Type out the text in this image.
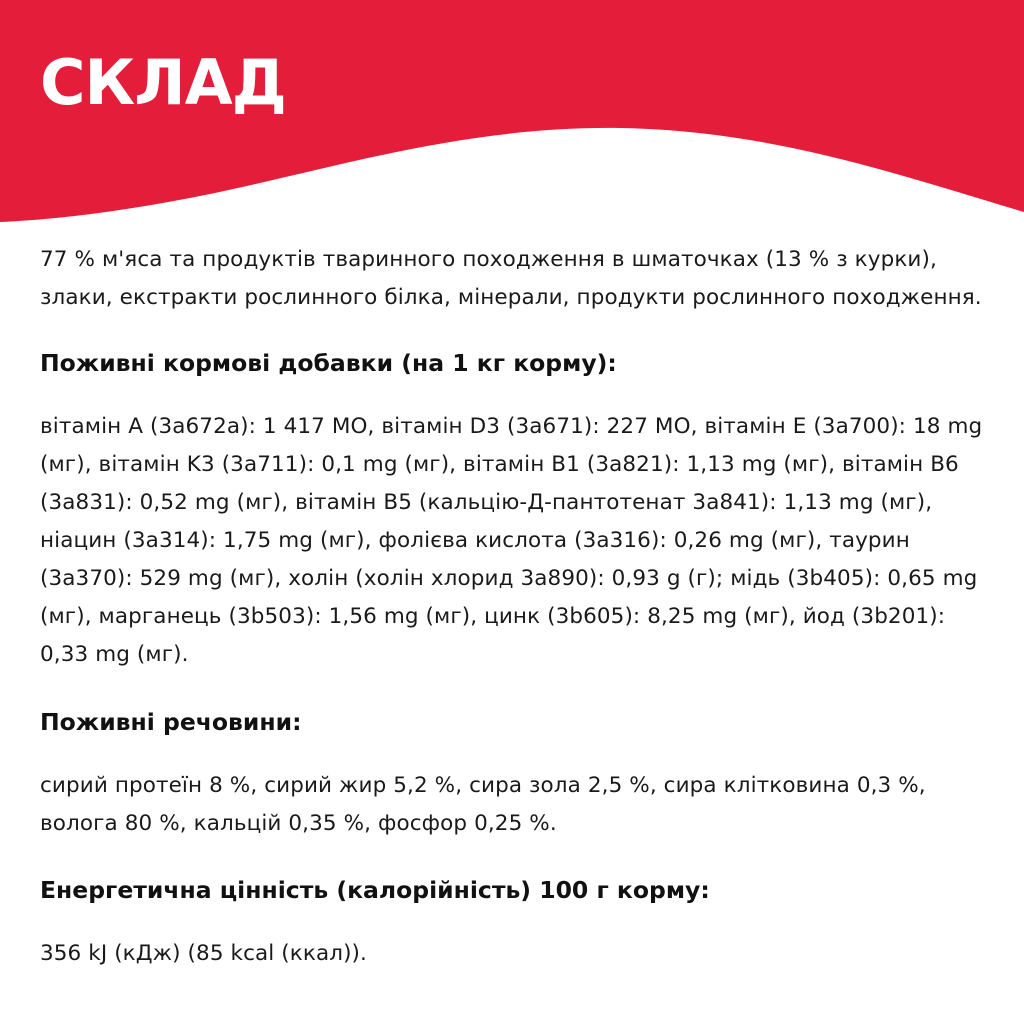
СКЛАД

77 % м'яса та продуктів тваринного походження в шматочках (13 % з курки), злаки, екстракти рослинного білка, мінерали, продукти рослинного походження.

Поживні кормові добавки (на 1 кг корму):

вітамін A (3a672a): 1 417 MO, вітамін D3 (3a671): 227 MO, вітамін E (3a700): 18 mg (мг), вітамін K3 (3a711): 0,1 mg (мг), вітамін B1 (3a821): 1,13 mg (мг), вітамін B6 (3a831): 0,52 mg (мг), вітамін B5 (кальцію-Д-пантотенат 3a841): 1,13 mg (мг), ніацин (3a314): 1,75 mg (мг), фолієва кислота (3a316): 0,26 mg (мг), таурин (3a370): 529 mg (мг), холін (холін хлорид 3a890): 0,93 g (г); мідь (3b405): 0,65 mg (мг), марганець (3b503): 1,56 mg (мг), цинк (3b605): 8,25 mg (мг), йод (3b201): 0,33 mg (мг).

Поживні речовини:

сирий протеїн 8 %, сирий жир 5,2 %, сира зола 2,5 %, сира клітковина 0,3 %, волога 80 %, кальцій 0,35 %, фосфор 0,25 %.

Енергетична цінність (калорійність) 100 г корму:

356 kJ (кДж) (85 kcal (ккал)).
